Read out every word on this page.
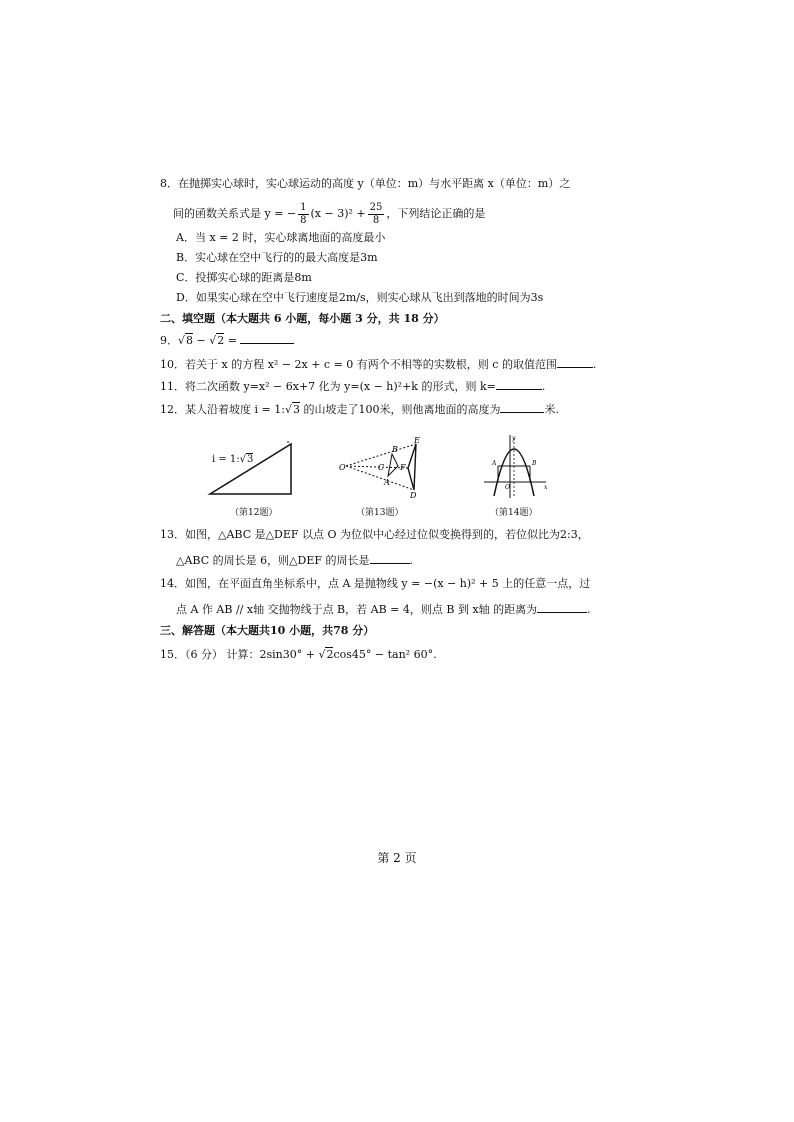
8．在抛掷实心球时，实心球运动的高度 y（单位：m）与水平距离 x（单位：m）之
间的函数关系式是 y = − $\frac{1}{8} (x - 3)^2 + \frac{25}{8}$ ，下列结论正确的是
A．当 x = 2 时，实心球离地面的高度最小
B．实心球在空中飞行的的最大高度是3m
C．投掷实心球的距离是8m
D．如果实心球在空中飞行速度是2m/s，则实心球从飞出到落地的时间为3s
二、填空题（本大题共 6 小题，每小题 3 分，共 18 分）
9．√8 − √2 =
10．若关于 x 的方程 x² − 2x + c = 0 有两个不相等的实数根，则 c 的取值范围	.
11．将二次函数 y=x² − 6x+7 化为 y=(x − h)²+k 的形式，则 k=	.
12．某人沿着坡度 i = 1:√3 的山坡走了100米，则他离地面的高度为	米.
i = 1:√3
（第12题）
O
A
B
C
D
E
F
（第13题）
A	B
O	x
y
（第14题）
13．如图，△ABC 是△DEF 以点 O 为位似中心经过位似变换得到的，若位似比为2:3，
△ABC 的周长是 6，则△DEF 的周长是	.
14．如图，在平面直角坐标系中，点 A 是抛物线 y = −(x − h)² + 5 上的任意一点，过
点 A 作 AB // x轴 交抛物线于点 B，若 AB = 4，则点 B 到 x轴 的距离为	.
三、解答题（本大题共10 小题，共78 分）
15．（6 分） 计算：2sin30° + √2cos45° − tan² 60°.
第 2 页
